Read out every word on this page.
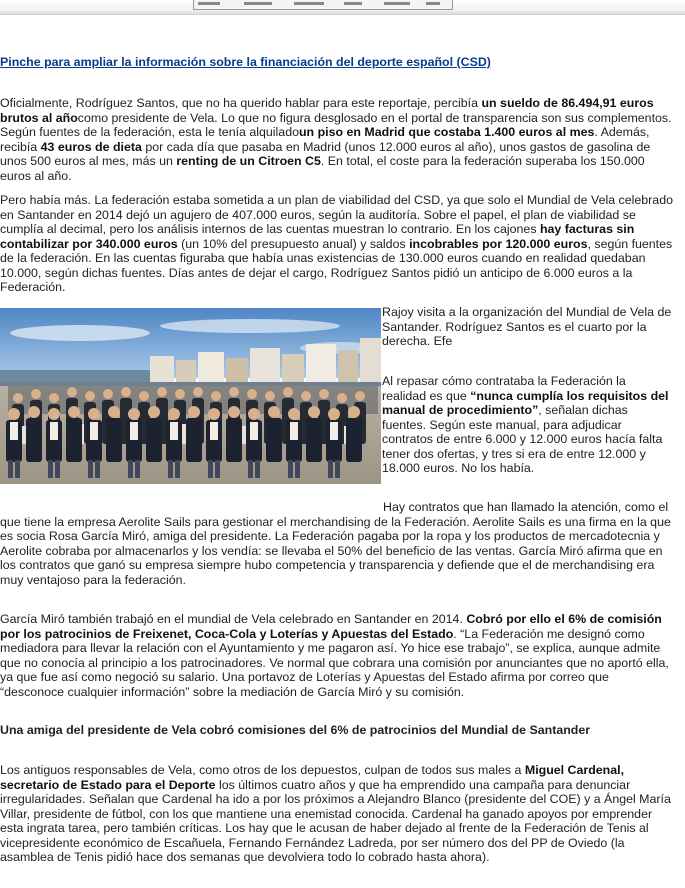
Pinche para ampliar la información sobre la financiación del deporte español (CSD)

Oficialmente, Rodríguez Santos, que no ha querido hablar para este reportaje, percibía un sueldo de 86.494,91 euros brutos al añocomo presidente de Vela. Lo que no figura desglosado en el portal de transparencia son sus complementos. Según fuentes de la federación, esta le tenía alquiladoun piso en Madrid que costaba 1.400 euros al mes. Además, recibía 43 euros de dieta por cada día que pasaba en Madrid (unos 12.000 euros al año), unos gastos de gasolina de unos 500 euros al mes, más un renting de un Citroen C5. En total, el coste para la federación superaba los 150.000 euros al año.

Pero había más. La federación estaba sometida a un plan de viabilidad del CSD, ya que solo el Mundial de Vela celebrado en Santander en 2014 dejó un agujero de 407.000 euros, según la auditoría. Sobre el papel, el plan de viabilidad se cumplía al decimal, pero los análisis internos de las cuentas muestran lo contrario. En los cajones hay facturas sin contabilizar por 340.000 euros (un 10% del presupuesto anual) y saldos incobrables por 120.000 euros, según fuentes de la federación. En las cuentas figuraba que había unas existencias de 130.000 euros cuando en realidad quedaban 10.000, según dichas fuentes. Días antes de dejar el cargo, Rodríguez Santos pidió un anticipo de 6.000 euros a la Federación.

Rajoy visita a la organización del Mundial de Vela de Santander. Rodríguez Santos es el cuarto por la derecha. Efe

Al repasar cómo contrataba la Federación la realidad es que “nunca cumplía los requisitos del manual de procedimiento”, señalan dichas fuentes. Según este manual, para adjudicar contratos de entre 6.000 y 12.000 euros hacía falta tener dos ofertas, y tres si era de entre 12.000 y 18.000 euros. No los había.

Hay contratos que han llamado la atención, como el
que tiene la empresa Aerolite Sails para gestionar el merchandising de la Federación. Aerolite Sails es una firma en la que es socia Rosa García Miró, amiga del presidente. La Federación pagaba por la ropa y los productos de mercadotecnia y Aerolite cobraba por almacenarlos y los vendía: se llevaba el 50% del beneficio de las ventas. García Miró afirma que en los contratos que ganó su empresa siempre hubo competencia y transparencia y defiende que el de merchandising era muy ventajoso para la federación.

García Miró también trabajó en el mundial de Vela celebrado en Santander en 2014. Cobró por ello el 6% de comisión por los patrocinios de Freixenet, Coca-Cola y Loterías y Apuestas del Estado. “La Federación me designó como mediadora para llevar la relación con el Ayuntamiento y me pagaron así. Yo hice ese trabajo”, se explica, aunque admite que no conocía al principio a los patrocinadores. Ve normal que cobrara una comisión por anunciantes que no aportó ella, ya que fue así como negoció su salario. Una portavoz de Loterías y Apuestas del Estado afirma por correo que “desconoce cualquier información” sobre la mediación de García Miró y su comisión.

Una amiga del presidente de Vela cobró comisiones del 6% de patrocinios del Mundial de Santander

Los antiguos responsables de Vela, como otros de los depuestos, culpan de todos sus males a Miguel Cardenal, secretario de Estado para el Deporte los últimos cuatro años y que ha emprendido una campaña para denunciar irregularidades. Señalan que Cardenal ha ido a por los próximos a Alejandro Blanco (presidente del COE) y a Ángel María Villar, presidente de fútbol, con los que mantiene una enemistad conocida. Cardenal ha ganado apoyos por emprender esta ingrata tarea, pero también críticas. Los hay que le acusan de haber dejado al frente de la Federación de Tenis al vicepresidente económico de Escañuela, Fernando Fernández Ladreda, por ser número dos del PP de Oviedo (la asamblea de Tenis pidió hace dos semanas que devolviera todo lo cobrado hasta ahora).
